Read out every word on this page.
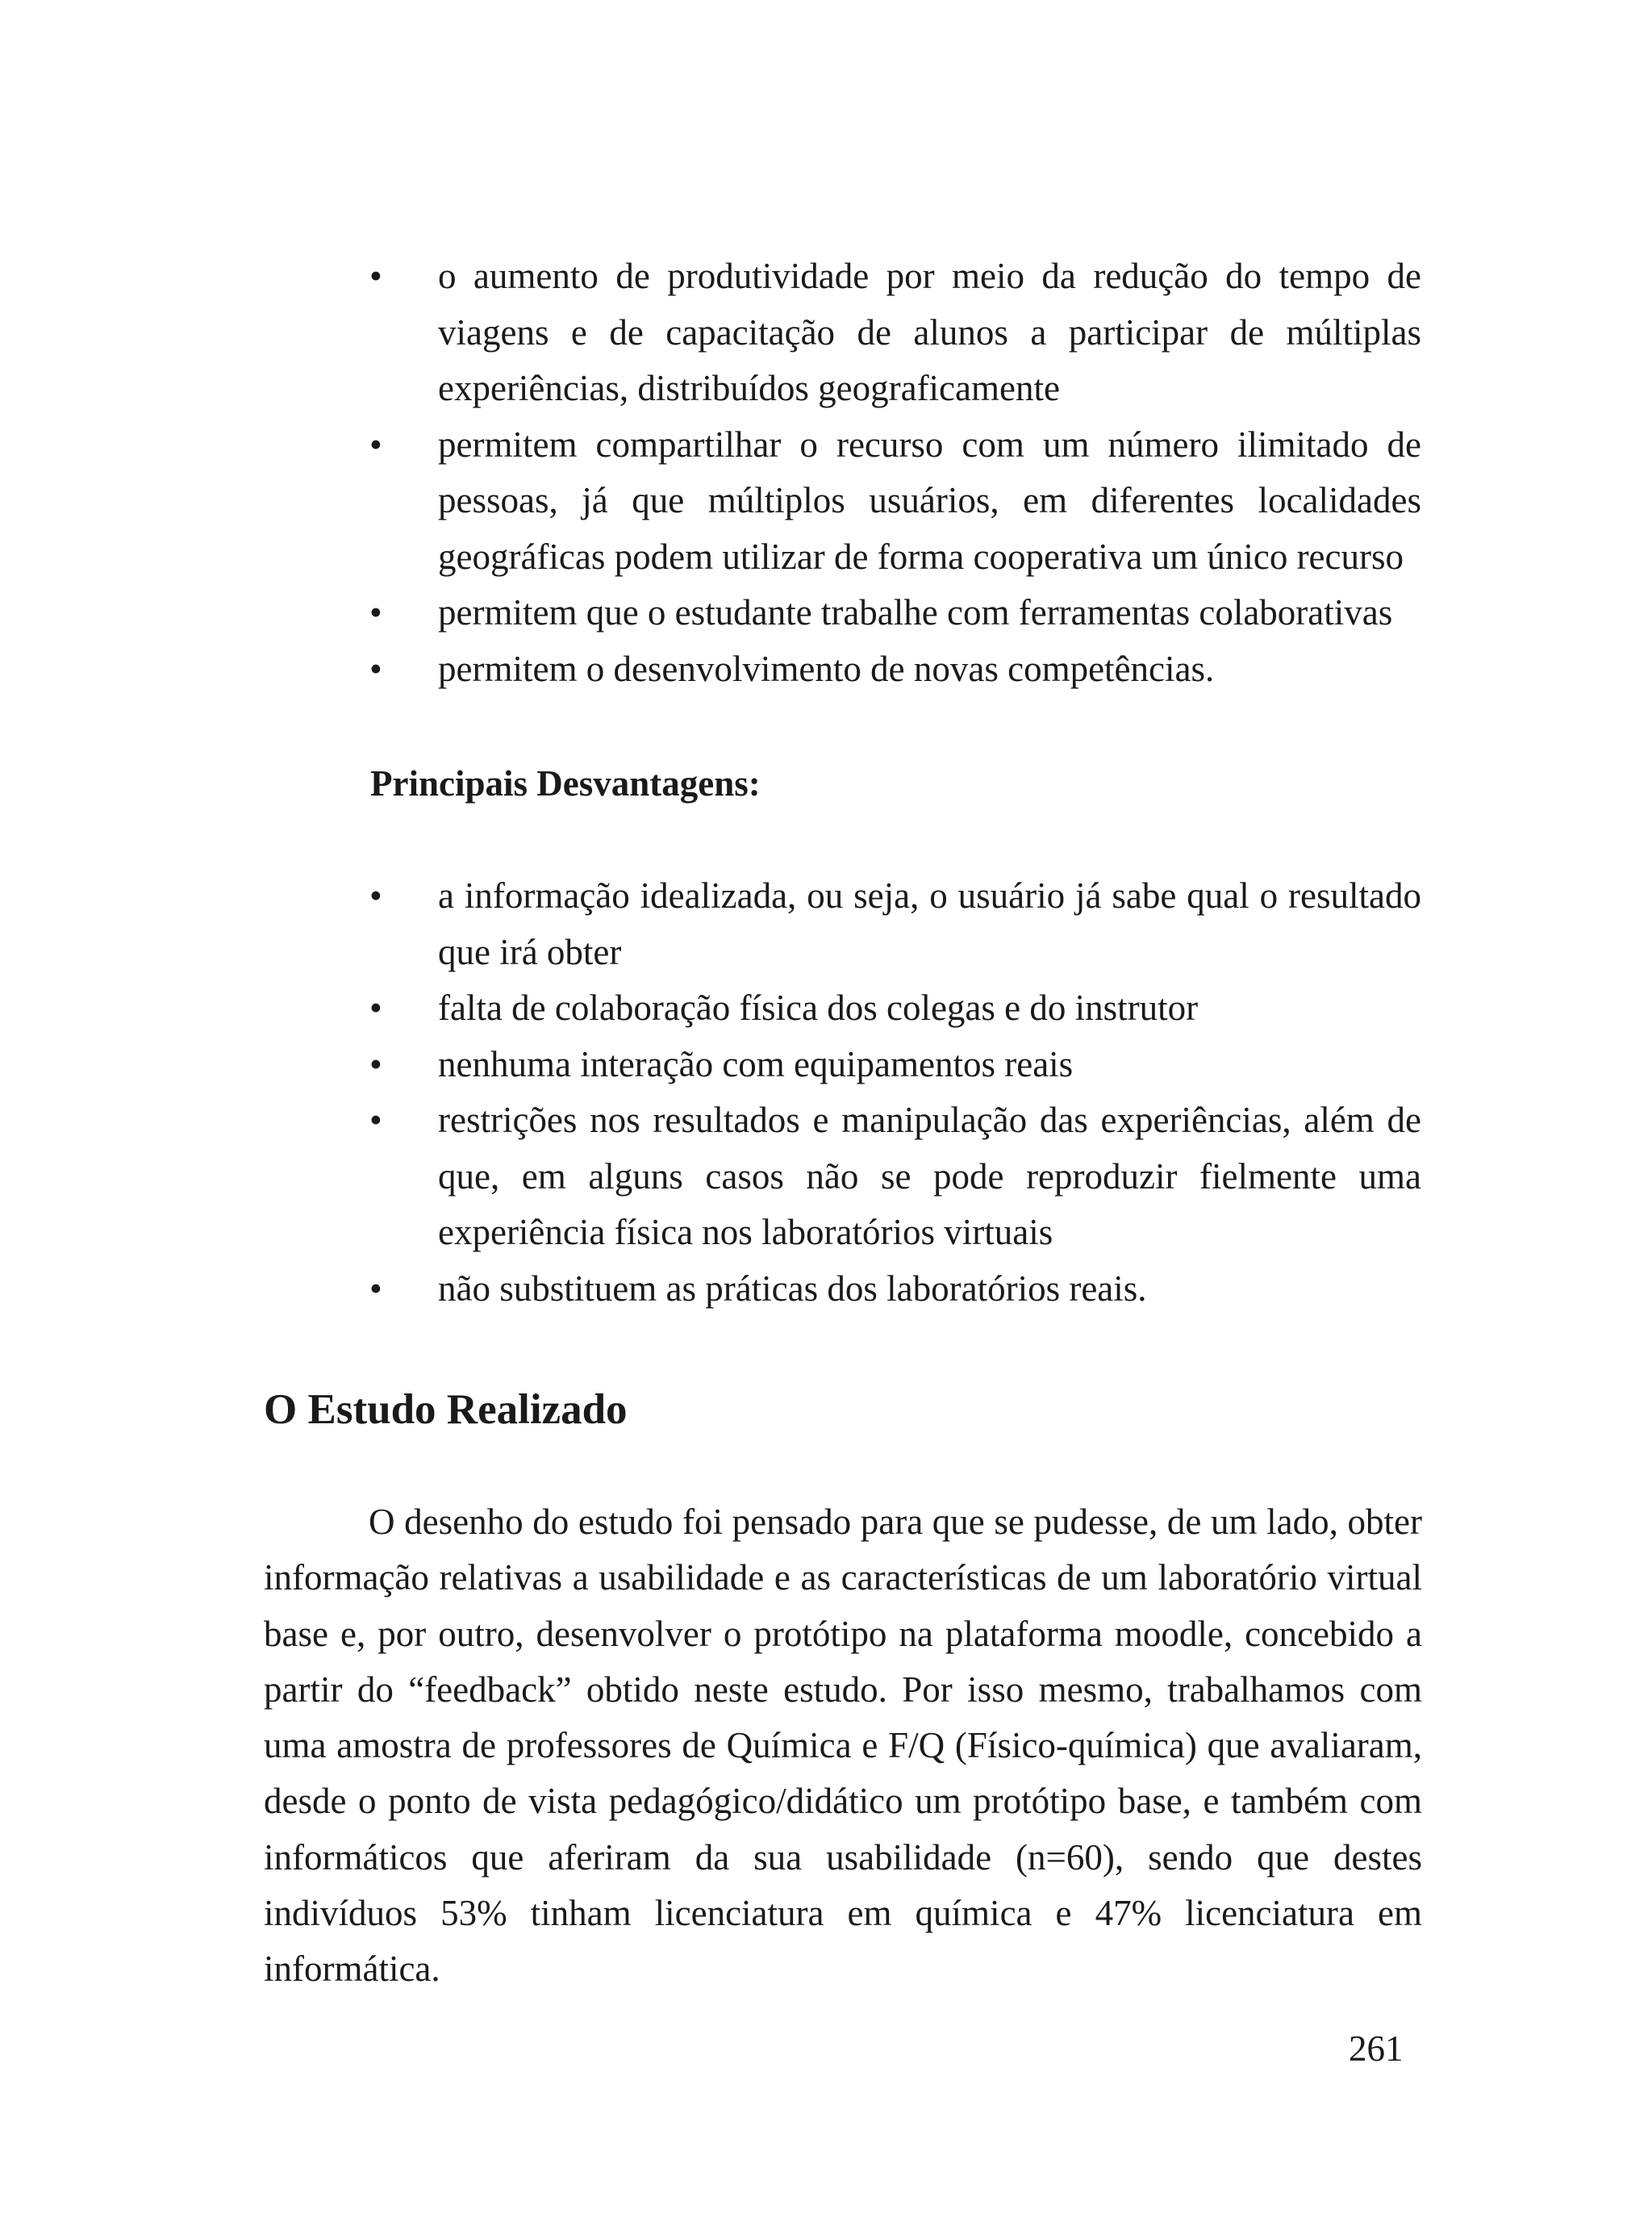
• o aumento de produtividade por meio da redução do tempo de viagens e de capacitação de alunos a participar de múltiplas experiências, distribuídos geograficamente
• permitem compartilhar o recurso com um número ilimitado de pessoas, já que múltiplos usuários, em diferentes localidades geográficas podem utilizar de forma cooperativa um único recurso
• permitem que o estudante trabalhe com ferramentas colaborativas
• permitem o desenvolvimento de novas competências.
Principais Desvantagens:
• a informação idealizada, ou seja, o usuário já sabe qual o resultado que irá obter
• falta de colaboração física dos colegas e do instrutor
• nenhuma interação com equipamentos reais
• restrições nos resultados e manipulação das experiências, além de que, em alguns casos não se pode reproduzir fielmente uma experiência física nos laboratórios virtuais
• não substituem as práticas dos laboratórios reais.
O Estudo Realizado

O desenho do estudo foi pensado para que se pudesse, de um lado, obter informação relativas a usabilidade e as características de um laboratório virtual base e, por outro, desenvolver o protótipo na plataforma moodle, concebido a partir do “feedback” obtido neste estudo. Por isso mesmo, trabalhamos com uma amostra de professores de Química e F/Q (Físico-química) que avaliaram, desde o ponto de vista pedagógico/didático um protótipo base, e também com informáticos que aferiram da sua usabilidade (n=60), sendo que destes indivíduos 53% tinham licenciatura em química e 47% licenciatura em informática.

261
